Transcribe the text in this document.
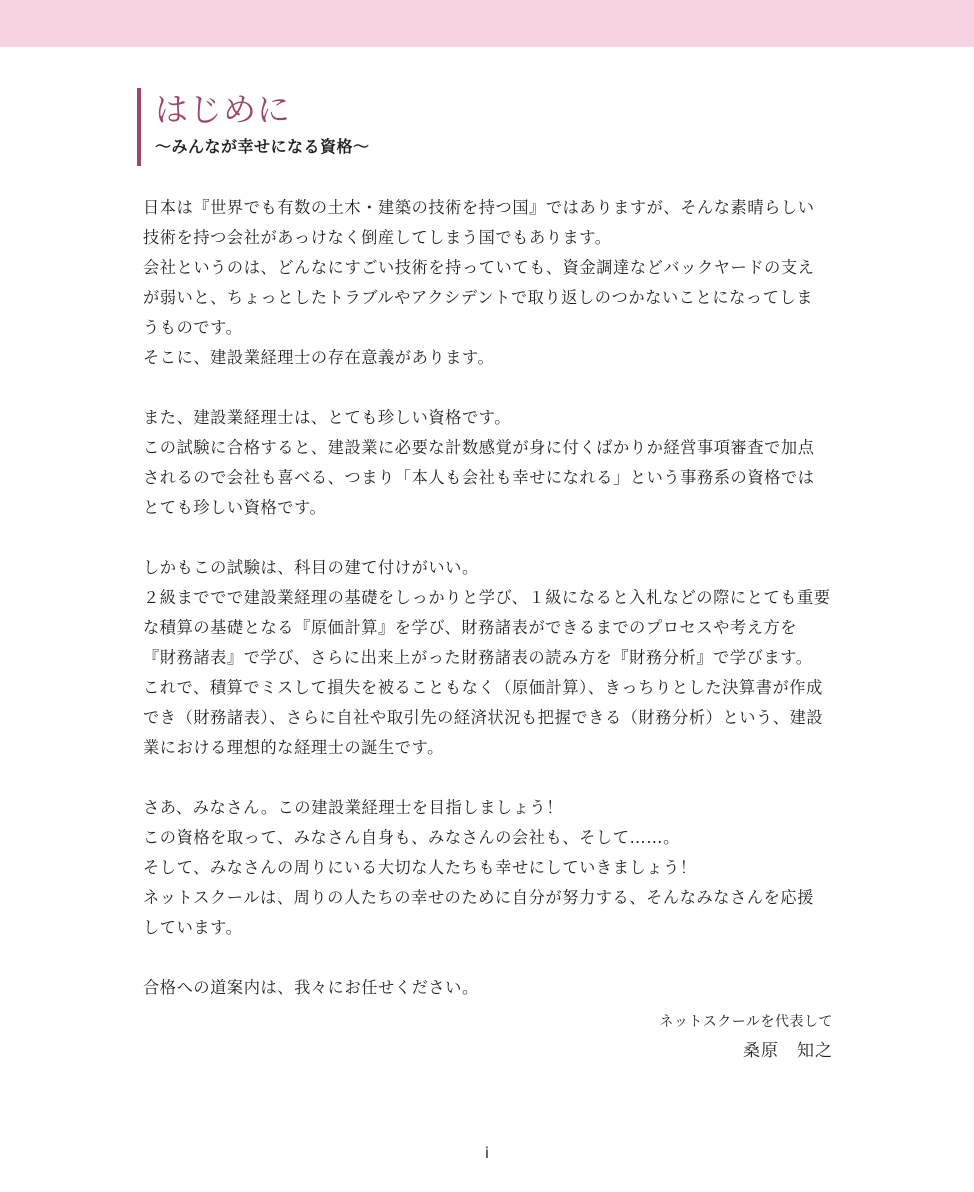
はじめに
〜みんなが幸せになる資格〜
日本は『世界でも有数の土木・建築の技術を持つ国』ではありますが、そんな素晴らしい
技術を持つ会社があっけなく倒産してしまう国でもあります。
会社というのは、どんなにすごい技術を持っていても、資金調達などバックヤードの支え
が弱いと、ちょっとしたトラブルやアクシデントで取り返しのつかないことになってしま
うものです。
そこに、建設業経理士の存在意義があります。
また、建設業経理士は、とても珍しい資格です。
この試験に合格すると、建設業に必要な計数感覚が身に付くばかりか経営事項審査で加点
されるので会社も喜べる、つまり「本人も会社も幸せになれる」という事務系の資格では
とても珍しい資格です。
しかもこの試験は、科目の建て付けがいい。
２級まででで建設業経理の基礎をしっかりと学び、１級になると入札などの際にとても重要
な積算の基礎となる『原価計算』を学び、財務諸表ができるまでのプロセスや考え方を
『財務諸表』で学び、さらに出来上がった財務諸表の読み方を『財務分析』で学びます。
これで、積算でミスして損失を被ることもなく（原価計算）、きっちりとした決算書が作成
でき（財務諸表）、さらに自社や取引先の経済状況も把握できる（財務分析）という、建設
業における理想的な経理士の誕生です。
さあ、みなさん。この建設業経理士を目指しましょう！
この資格を取って、みなさん自身も、みなさんの会社も、そして……。
そして、みなさんの周りにいる大切な人たちも幸せにしていきましょう！
ネットスクールは、周りの人たちの幸せのために自分が努力する、そんなみなさんを応援
しています。
合格への道案内は、我々にお任せください。
ネットスクールを代表して
桑原　知之
i
